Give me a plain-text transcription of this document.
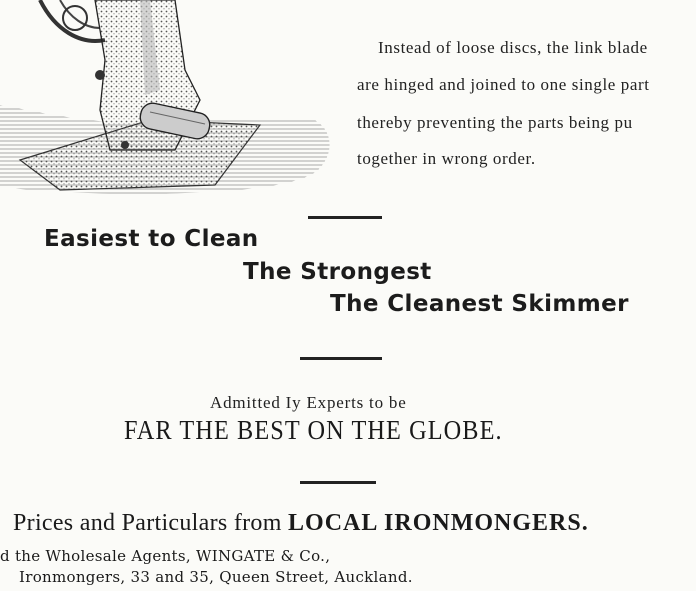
Instead of loose discs, the link blade
are hinged and joined to one single part
thereby preventing the parts being pu
together in wrong order.
Easiest to Clean
The Strongest
The Cleanest Skimmer
Admitted Iy Experts to be
FAR THE BEST ON THE GLOBE.
Prices and Particulars from LOCAL IRONMONGERS.
d the Wholesale Agents, WINGATE & Co.,
Ironmongers, 33 and 35, Queen Street, Auckland.
